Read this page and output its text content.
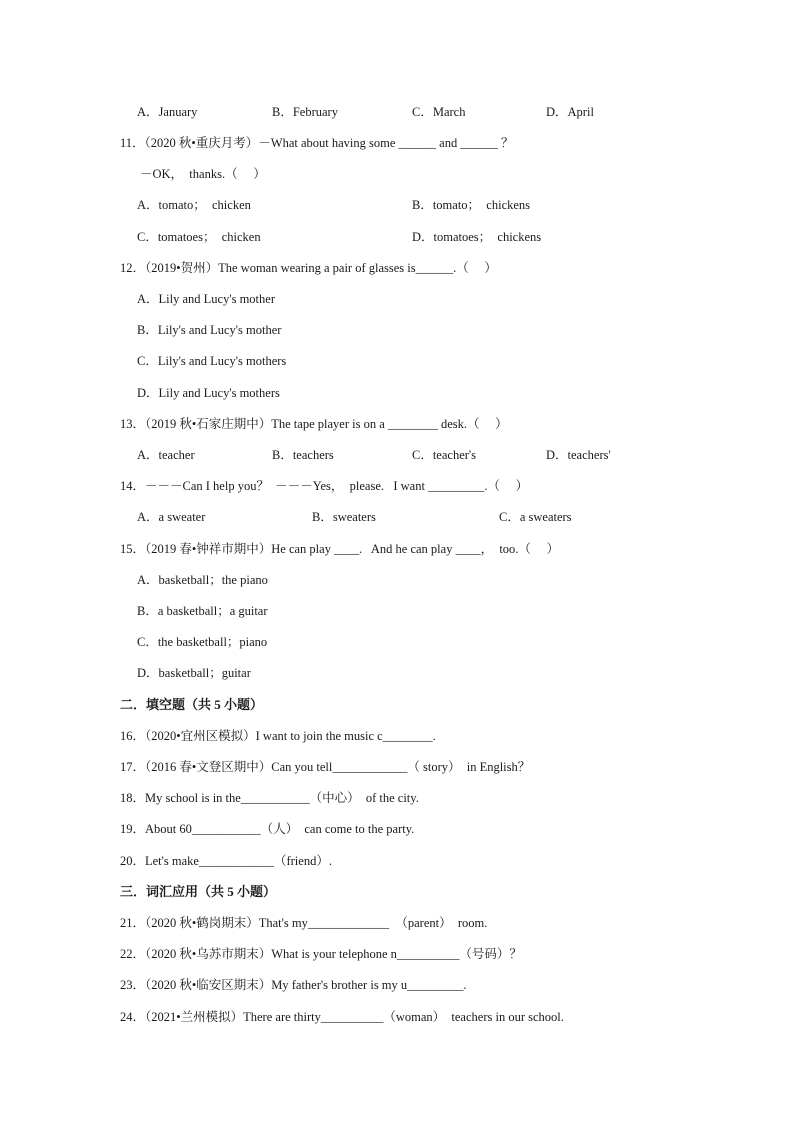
A．January	B．February	C．March	D．April
11．（2020 秋•重庆月考）－What about having some ______ and ______ ？
－OK，  thanks.（     ）
A．tomato；  chicken	B．tomato；  chickens
C．tomatoes；  chicken	D．tomatoes；  chickens
12．（2019•贺州）The woman wearing a pair of glasses is______.（     ）
A．Lily and Lucy's mother
B．Lily's and Lucy's mother
C．Lily's and Lucy's mothers
D．Lily and Lucy's mothers
13．（2019 秋•石家庄期中）The tape player is on a ________ desk.（     ）
A．teacher	B．teachers	C．teacher's	D．teachers'
14．－－－Can I help you？  －－－Yes，  please.   I want _________.（     ）
A．a sweater	B．sweaters	C．a sweaters
15．（2019 春•钟祥市期中）He can play ____.   And he can play ____，  too.（     ）
A．basketball；the piano
B．a basketball；a guitar
C．the basketball；piano
D．basketball；guitar
二．填空题（共 5 小题）
16．（2020•宜州区模拟）I want to join the music c________.
17．（2016 春•文登区期中）Can you tell____________（ story）  in English？
18．My school is in the___________（中心）  of the city.
19．About 60___________（人）  can come to the party.
20．Let's make____________（friend）.
三．词汇应用（共 5 小题）
21．（2020 秋•鹤岗期末）That's my_____________  （parent）  room.
22．（2020 秋•乌苏市期末）What is your telephone n__________（号码）？
23．（2020 秋•临安区期末）My father's brother is my u_________.
24．（2021•兰州模拟）There are thirty__________（woman）  teachers in our school.
